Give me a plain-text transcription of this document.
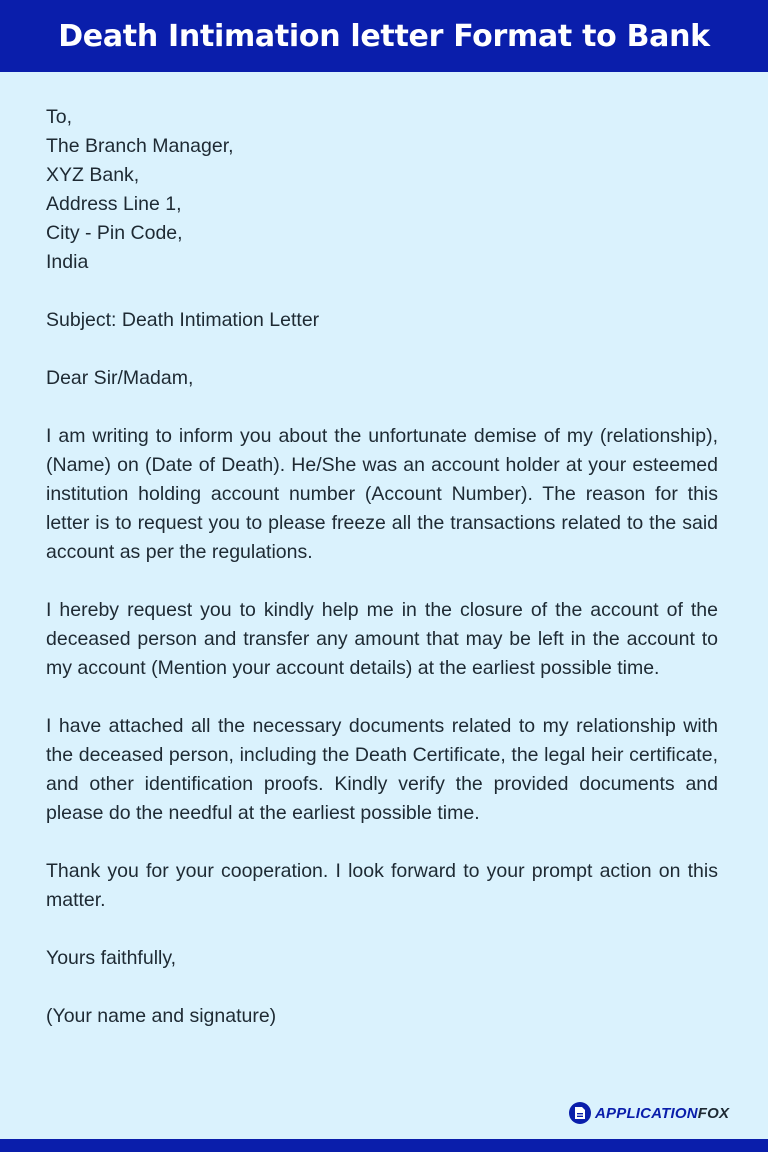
Death Intimation letter Format to Bank
To,
The Branch Manager,
XYZ Bank,
Address Line 1,
City - Pin Code,
India
Subject: Death Intimation Letter
Dear Sir/Madam,

I am writing to inform you about the unfortunate demise of my (relationship), (Name) on (Date of Death). He/She was an account holder at your esteemed institution holding account number (Account Number). The reason for this letter is to request you to please freeze all the transactions related to the said account as per the regulations.

I hereby request you to kindly help me in the closure of the account of the deceased person and transfer any amount that may be left in the account to my account (Mention your account details) at the earliest possible time.

I have attached all the necessary documents related to my relationship with the deceased person, including the Death Certificate, the legal heir certificate, and other identification proofs. Kindly verify the provided documents and please do the needful at the earliest possible time.

Thank you for your cooperation. I look forward to your prompt action on this matter.

Yours faithfully,
(Your name and signature)
APPLICATIONFOX
